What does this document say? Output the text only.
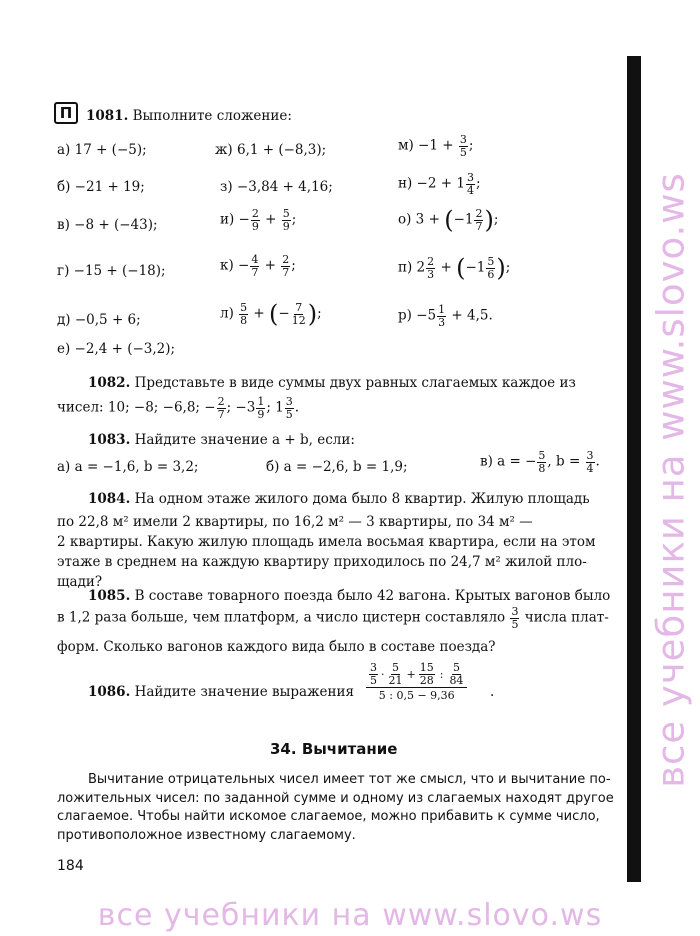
все учебники на www.slovo.ws
П	1081. Выполните сложение:
а) 17 + (−5);
б) −21 + 19;
в) −8 + (−43);
г) −15 + (−18);
д) −0,5 + 6;
е) −2,4 + (−3,2);
ж) 6,1 + (−8,3);
з) −3,84 + 4,16;
$и) - \frac{2}{9} + \frac{5}{9}$ ;
$к) - \frac{4}{7} + \frac{2}{7}$ ;
$л) \frac{5}{8}$ + (− $\frac{7}{12}$ );
$м) -1 + \frac{3}{5}$ ;
$н) -2 + 1 \frac{3}{4}$ ;
о) $3 + (-1 \frac{2}{7}$ );
п) $2 \frac{2}{3} + (-1 \frac{5}{6}$ );
$р) -5 \frac{1}{3} + 4,5$.
1082. Представьте в виде суммы двух равных слагаемых каждое из
чисел: 10; −8; −6,8; − $\frac{2}{7}$ ; $-3 \frac{1}{9}$ ; $1 \frac{3}{5}$ .
1083. Найдите значение a + b, если:
а) a = −1,6, b = 3,2;	б) a = −2,6, b = 1,9;	в) a = − $\frac{5}{8}$ , $b = \frac{3}{4}$ .
1084. На одном этаже жилого дома было 8 квартир. Жилую площадь
по 22,8 м² имели 2 квартиры, по 16,2 м² — 3 квартиры, по 34 м² —
2 квартиры. Какую жилую площадь имела восьмая квартира, если на этом
этаже в среднем на каждую квартиру приходилось по 24,7 м² жилой пло-
щади?
1085. В составе товарного поезда было 42 вагона. Крытых вагонов было
в 1,2 раза больше, чем платформ, а число цистерн составляло $\frac{3}{5}$ числа плат-
форм. Сколько вагонов каждого вида было в составе поезда?
1086. Найдите значение выражения
$\frac{3}{5} \cdot \frac{5}{21} + \frac{15}{28}$ : $\frac{5}{84}$
5 : 0,5 − 9,36	.
34. Вычитание
Вычитание отрицательных чисел имеет тот же смысл, что и вычитание по-
ложительных чисел: по заданной сумме и одному из слагаемых находят другое
слагаемое. Чтобы найти искомое слагаемое, можно прибавить к сумме число,
противоположное известному слагаемому.
184
все учебники на www.slovo.ws
